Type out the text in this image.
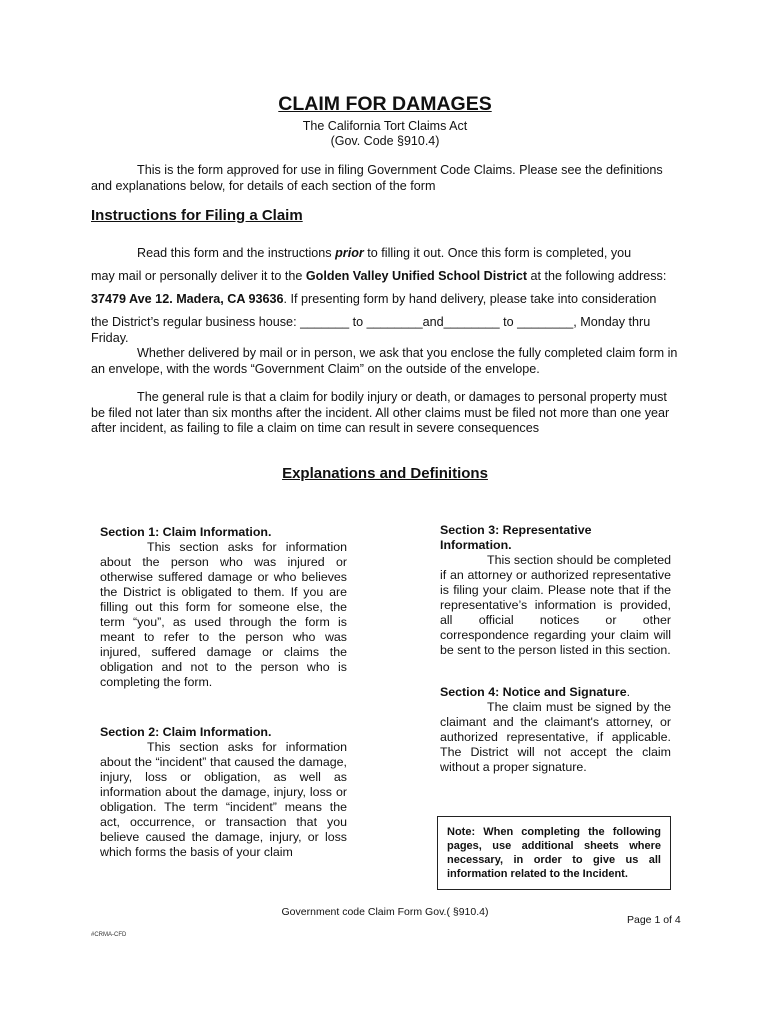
CLAIM FOR DAMAGES
The California Tort Claims Act
(Gov. Code §910.4)
This is the form approved for use in filing Government Code Claims. Please see the definitions
and explanations below, for details of each section of the form
Instructions for Filing a Claim
Read this form and the instructions prior to filling it out. Once this form is completed, you
may mail or personally deliver it to the Golden Valley Unified School District at the following address:
37479 Ave 12. Madera, CA 93636. If presenting form by hand delivery, please take into consideration
the District’s regular business house: _______ to ________and________ to ________, Monday thru
Friday.
Whether delivered by mail or in person, we ask that you enclose the fully completed claim form in
an envelope, with the words “Government Claim” on the outside of the envelope.
The general rule is that a claim for bodily injury or death, or damages to personal property must
be filed not later than six months after the incident. All other claims must be filed not more than one year
after incident, as failing to file a claim on time can result in severe consequences
Explanations and Definitions
Section 1: Claim Information.
This section asks for information about the person who was injured or otherwise suffered damage or who believes the District is obligated to them. If you are filling out this form for someone else, the term “you”, as used through the form is meant to refer to the person who was injured, suffered damage or claims the obligation and not to the person who is completing the form.
Section 2: Claim Information.
This section asks for information about the “incident” that caused the damage, injury, loss or obligation, as well as information about the damage, injury, loss or obligation. The term “incident” means the act, occurrence, or transaction that you believe caused the damage, injury, or loss which forms the basis of your claim
Section 3: Representative
Information.
This section should be completed if an attorney or authorized representative is filing your claim. Please note that if the representative’s information is provided, all official notices or other correspondence regarding your claim will be sent to the person listed in this section.
Section 4: Notice and Signature.
The claim must be signed by the claimant and the claimant's attorney, or authorized representative, if applicable. The District will not accept the claim without a proper signature.
Note: When completing the following pages, use additional sheets where necessary, in order to give us all information related to the Incident.
Government code Claim Form Gov.( §910.4)
Page 1 of 4
#CRMA-CFD
